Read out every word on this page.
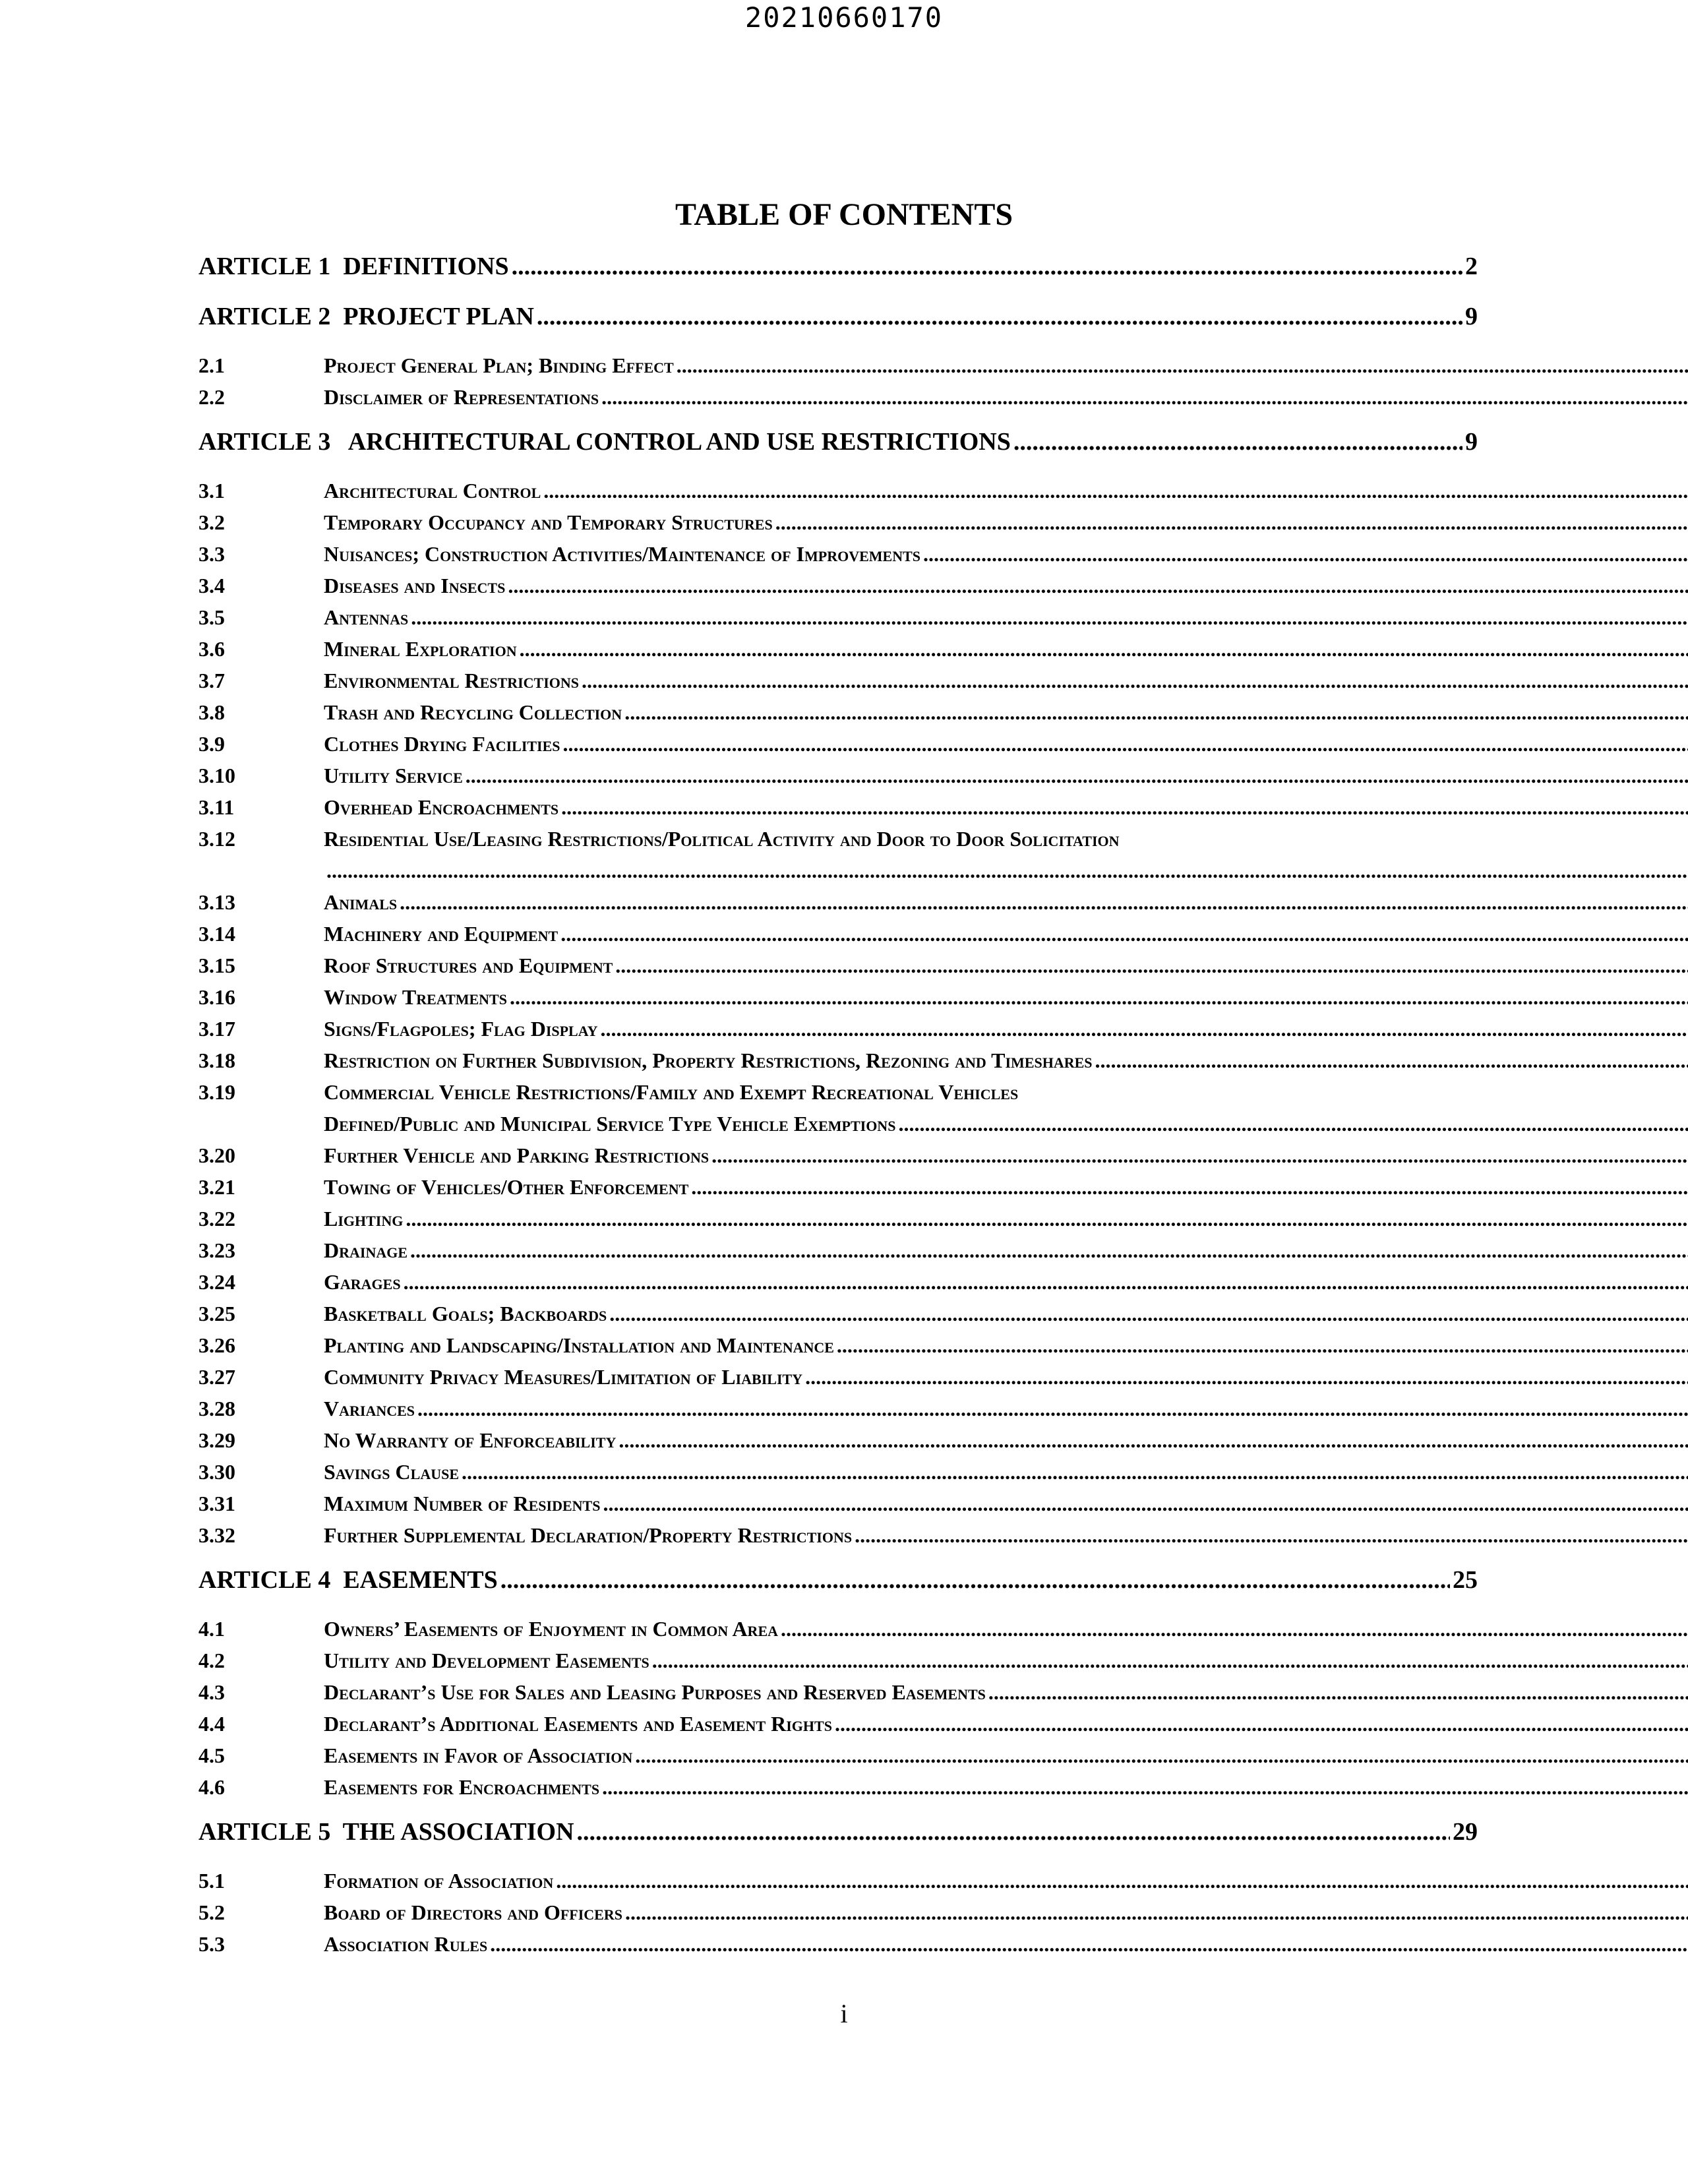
20210660170
TABLE OF CONTENTS
ARTICLE 1  DEFINITIONS .....	2
ARTICLE 2  PROJECT PLAN .....	9
2.1	Project General Plan; Binding Effect
.....
2.2	Disclaimer of Representations
.....
ARTICLE 3   ARCHITECTURAL CONTROL AND USE RESTRICTIONS .....	9
3.1	Architectural Control
.....
3.2	Temporary Occupancy and Temporary Structures
.....
3.3	Nuisances; Construction Activities/Maintenance of Improvements
.....
3.4	Diseases and Insects
.....
3.5	Antennas
.....
3.6	Mineral Exploration
.....
3.7	Environmental Restrictions
.....
3.8	Trash and Recycling Collection
.....
3.9	Clothes Drying Facilities
.....
3.10	Utility Service
.....
3.11	Overhead Encroachments
.....
3.12	Residential Use/Leasing Restrictions/Political Activity and Door to Door Solicitation
.....
3.13	Animals
.....
3.14	Machinery and Equipment
.....
3.15	Roof Structures and Equipment
.....
3.16	Window Treatments
.....
3.17	Signs/Flagpoles; Flag Display
.....
3.18	Restriction on Further Subdivision, Property Restrictions, Rezoning and Timeshares
.....
3.19	Commercial Vehicle Restrictions/Family and Exempt Recreational Vehicles
Defined/Public and Municipal Service Type Vehicle Exemptions
.....
3.20	Further Vehicle and Parking Restrictions
.....
3.21	Towing of Vehicles/Other Enforcement
.....
3.22	Lighting
.....
3.23	Drainage
.....
3.24	Garages
.....
3.25	Basketball Goals; Backboards
.....
3.26	Planting and Landscaping/Installation and Maintenance
.....
3.27	Community Privacy Measures/Limitation of Liability
.....
3.28	Variances
.....
3.29	No Warranty of Enforceability
.....
3.30	Savings Clause
.....
3.31	Maximum Number of Residents
.....
3.32	Further Supplemental Declaration/Property Restrictions
.....
ARTICLE 4  EASEMENTS .....	25
4.1	Owners’ Easements of Enjoyment in Common Area
.....
4.2	Utility and Development Easements
.....
4.3	Declarant’s Use for Sales and Leasing Purposes and Reserved Easements
.....
4.4	Declarant’s Additional Easements and Easement Rights
.....
4.5	Easements in Favor of Association
.....
4.6	Easements for Encroachments
.....
ARTICLE 5  THE ASSOCIATION .....	29
5.1	Formation of Association
.....
5.2	Board of Directors and Officers
.....
5.3	Association Rules
.....
i
